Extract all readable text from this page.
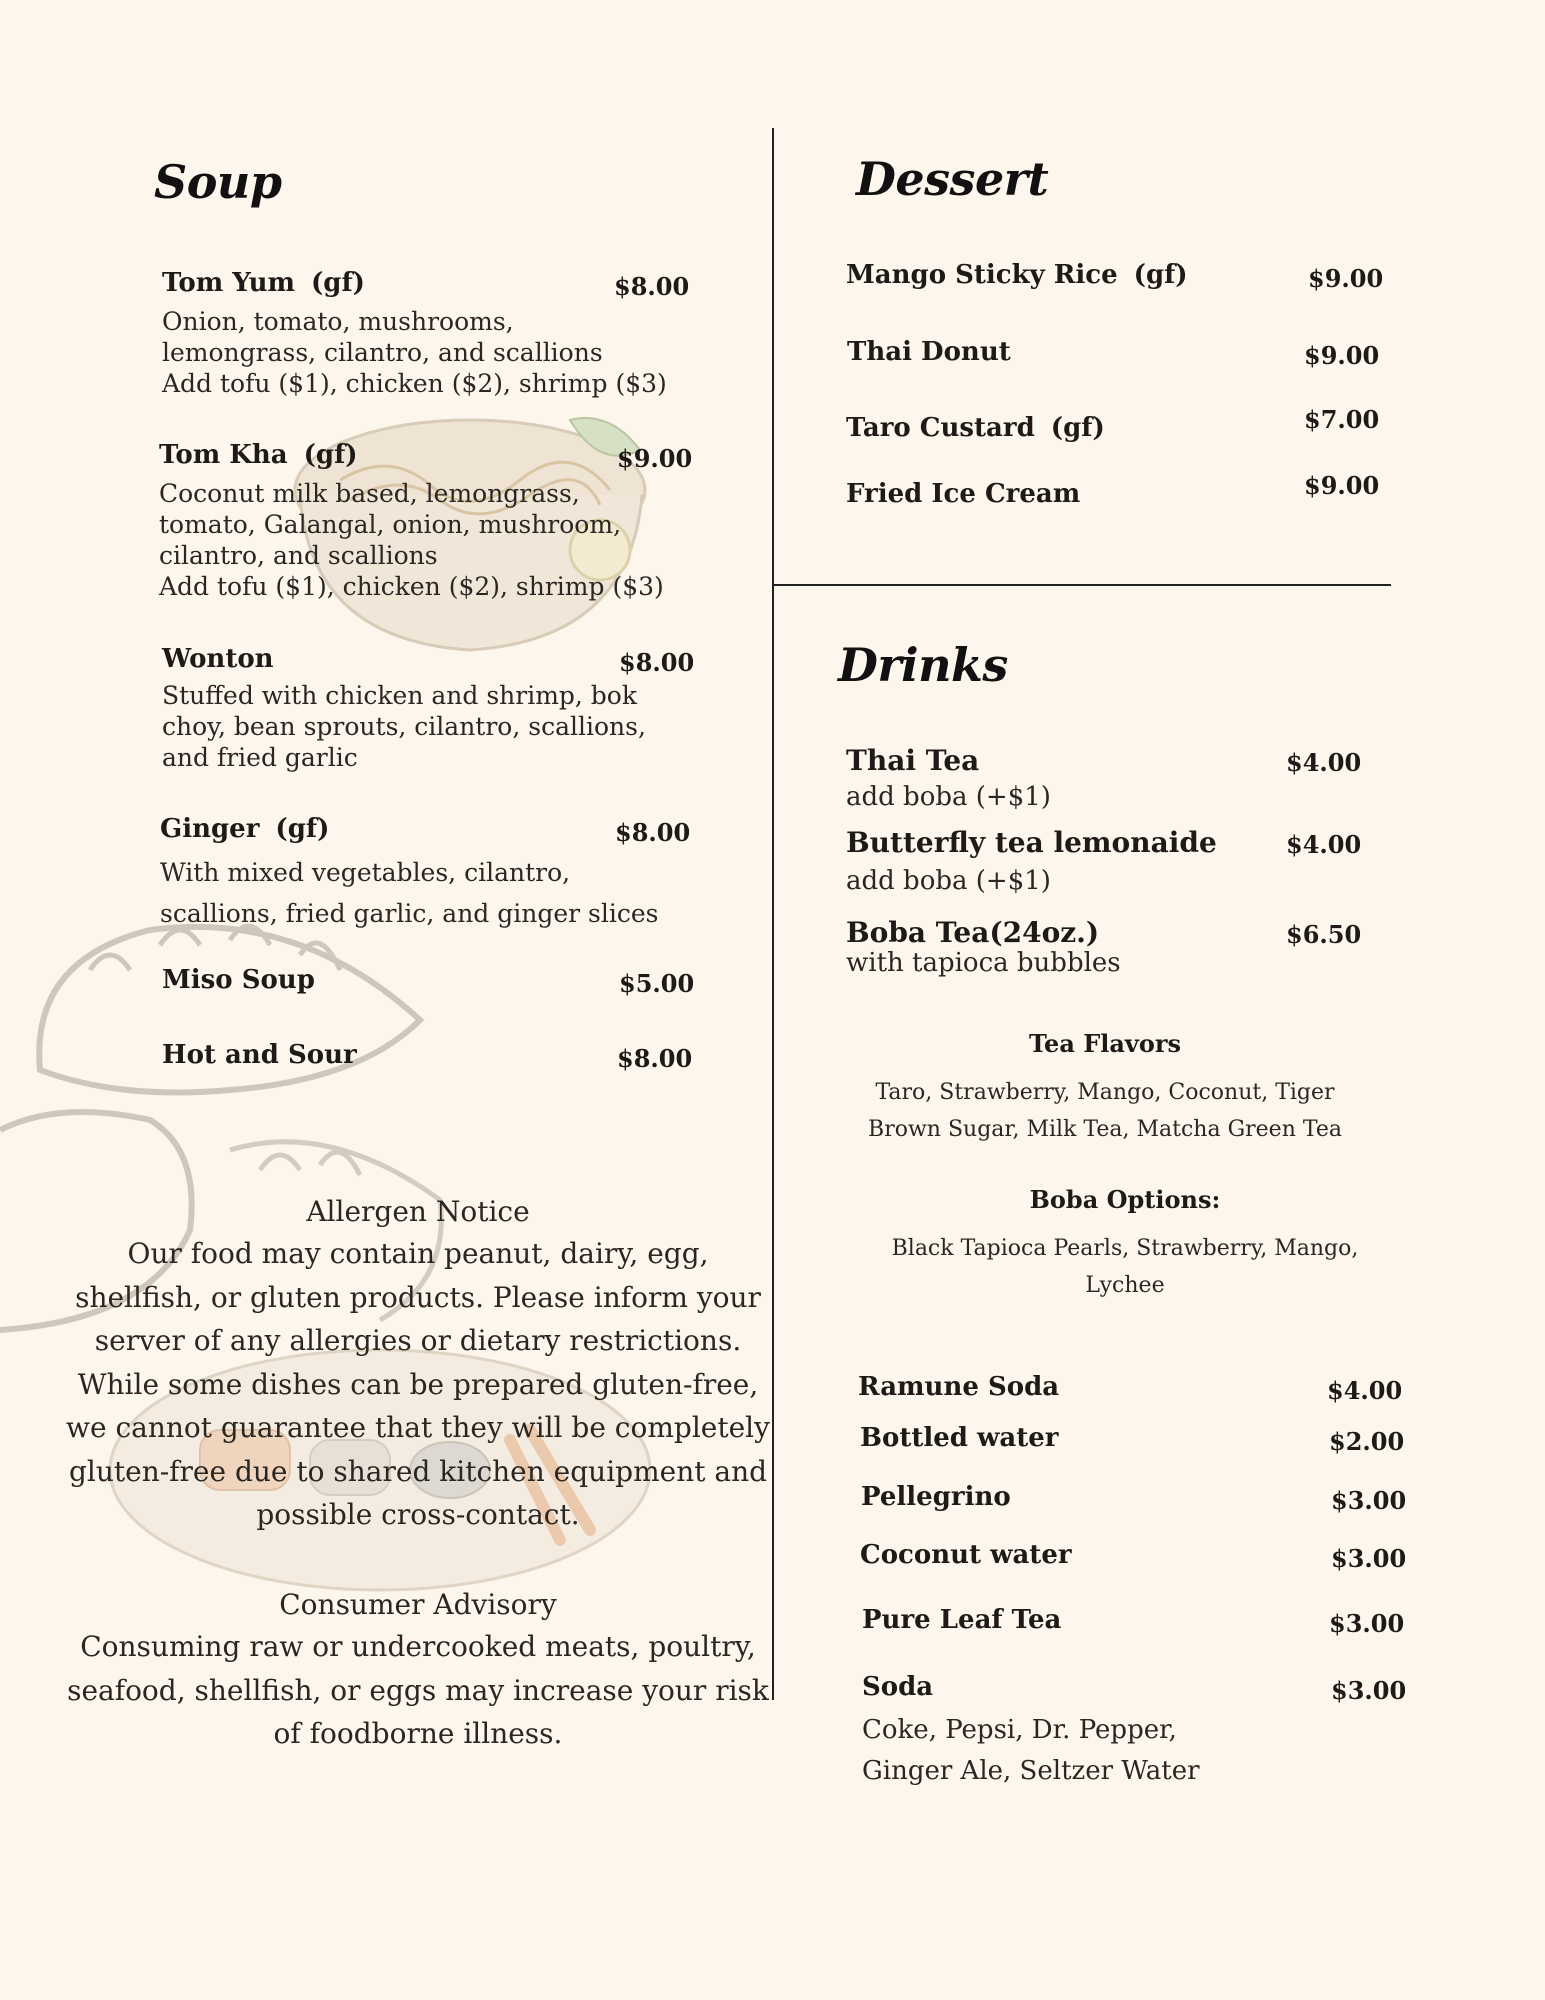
Soup
Tom Yum (gf)	$8.00
Onion, tomato, mushrooms,
lemongrass, cilantro, and scallions
Add tofu ($1), chicken ($2), shrimp ($3)
Tom Kha (gf)	$9.00
Coconut milk based, lemongrass,
tomato, Galangal, onion, mushroom,
cilantro, and scallions
Add tofu ($1), chicken ($2), shrimp ($3)
Wonton	$8.00
Stuffed with chicken and shrimp, bok
choy, bean sprouts, cilantro, scallions,
and fried garlic
Ginger (gf)	$8.00
With mixed vegetables, cilantro,
scallions, fried garlic, and ginger slices
Miso Soup	$5.00
Hot and Sour	$8.00
Allergen Notice
Our food may contain peanut, dairy, egg,
shellfish, or gluten products. Please inform your
server of any allergies or dietary restrictions.
While some dishes can be prepared gluten-free,
we cannot guarantee that they will be completely
gluten-free due to shared kitchen equipment and
possible cross-contact.
Consumer Advisory
Consuming raw or undercooked meats, poultry,
seafood, shellfish, or eggs may increase your risk
of foodborne illness.
Dessert
Mango Sticky Rice (gf)	$9.00
Thai Donut	$9.00
Taro Custard (gf)	$7.00
Fried Ice Cream	$9.00
Drinks
Thai Tea	$4.00
add boba (+$1)
Butterfly tea lemonaide	$4.00
add boba (+$1)
Boba Tea(24oz.)	$6.50
with tapioca bubbles
Tea Flavors
Taro, Strawberry, Mango, Coconut, Tiger
Brown Sugar, Milk Tea, Matcha Green Tea
Boba Options:
Black Tapioca Pearls, Strawberry, Mango,
Lychee
Ramune Soda	$4.00
Bottled water	$2.00
Pellegrino	$3.00
Coconut water	$3.00
Pure Leaf Tea	$3.00
Soda	$3.00
Coke, Pepsi, Dr. Pepper,
Ginger Ale, Seltzer Water
